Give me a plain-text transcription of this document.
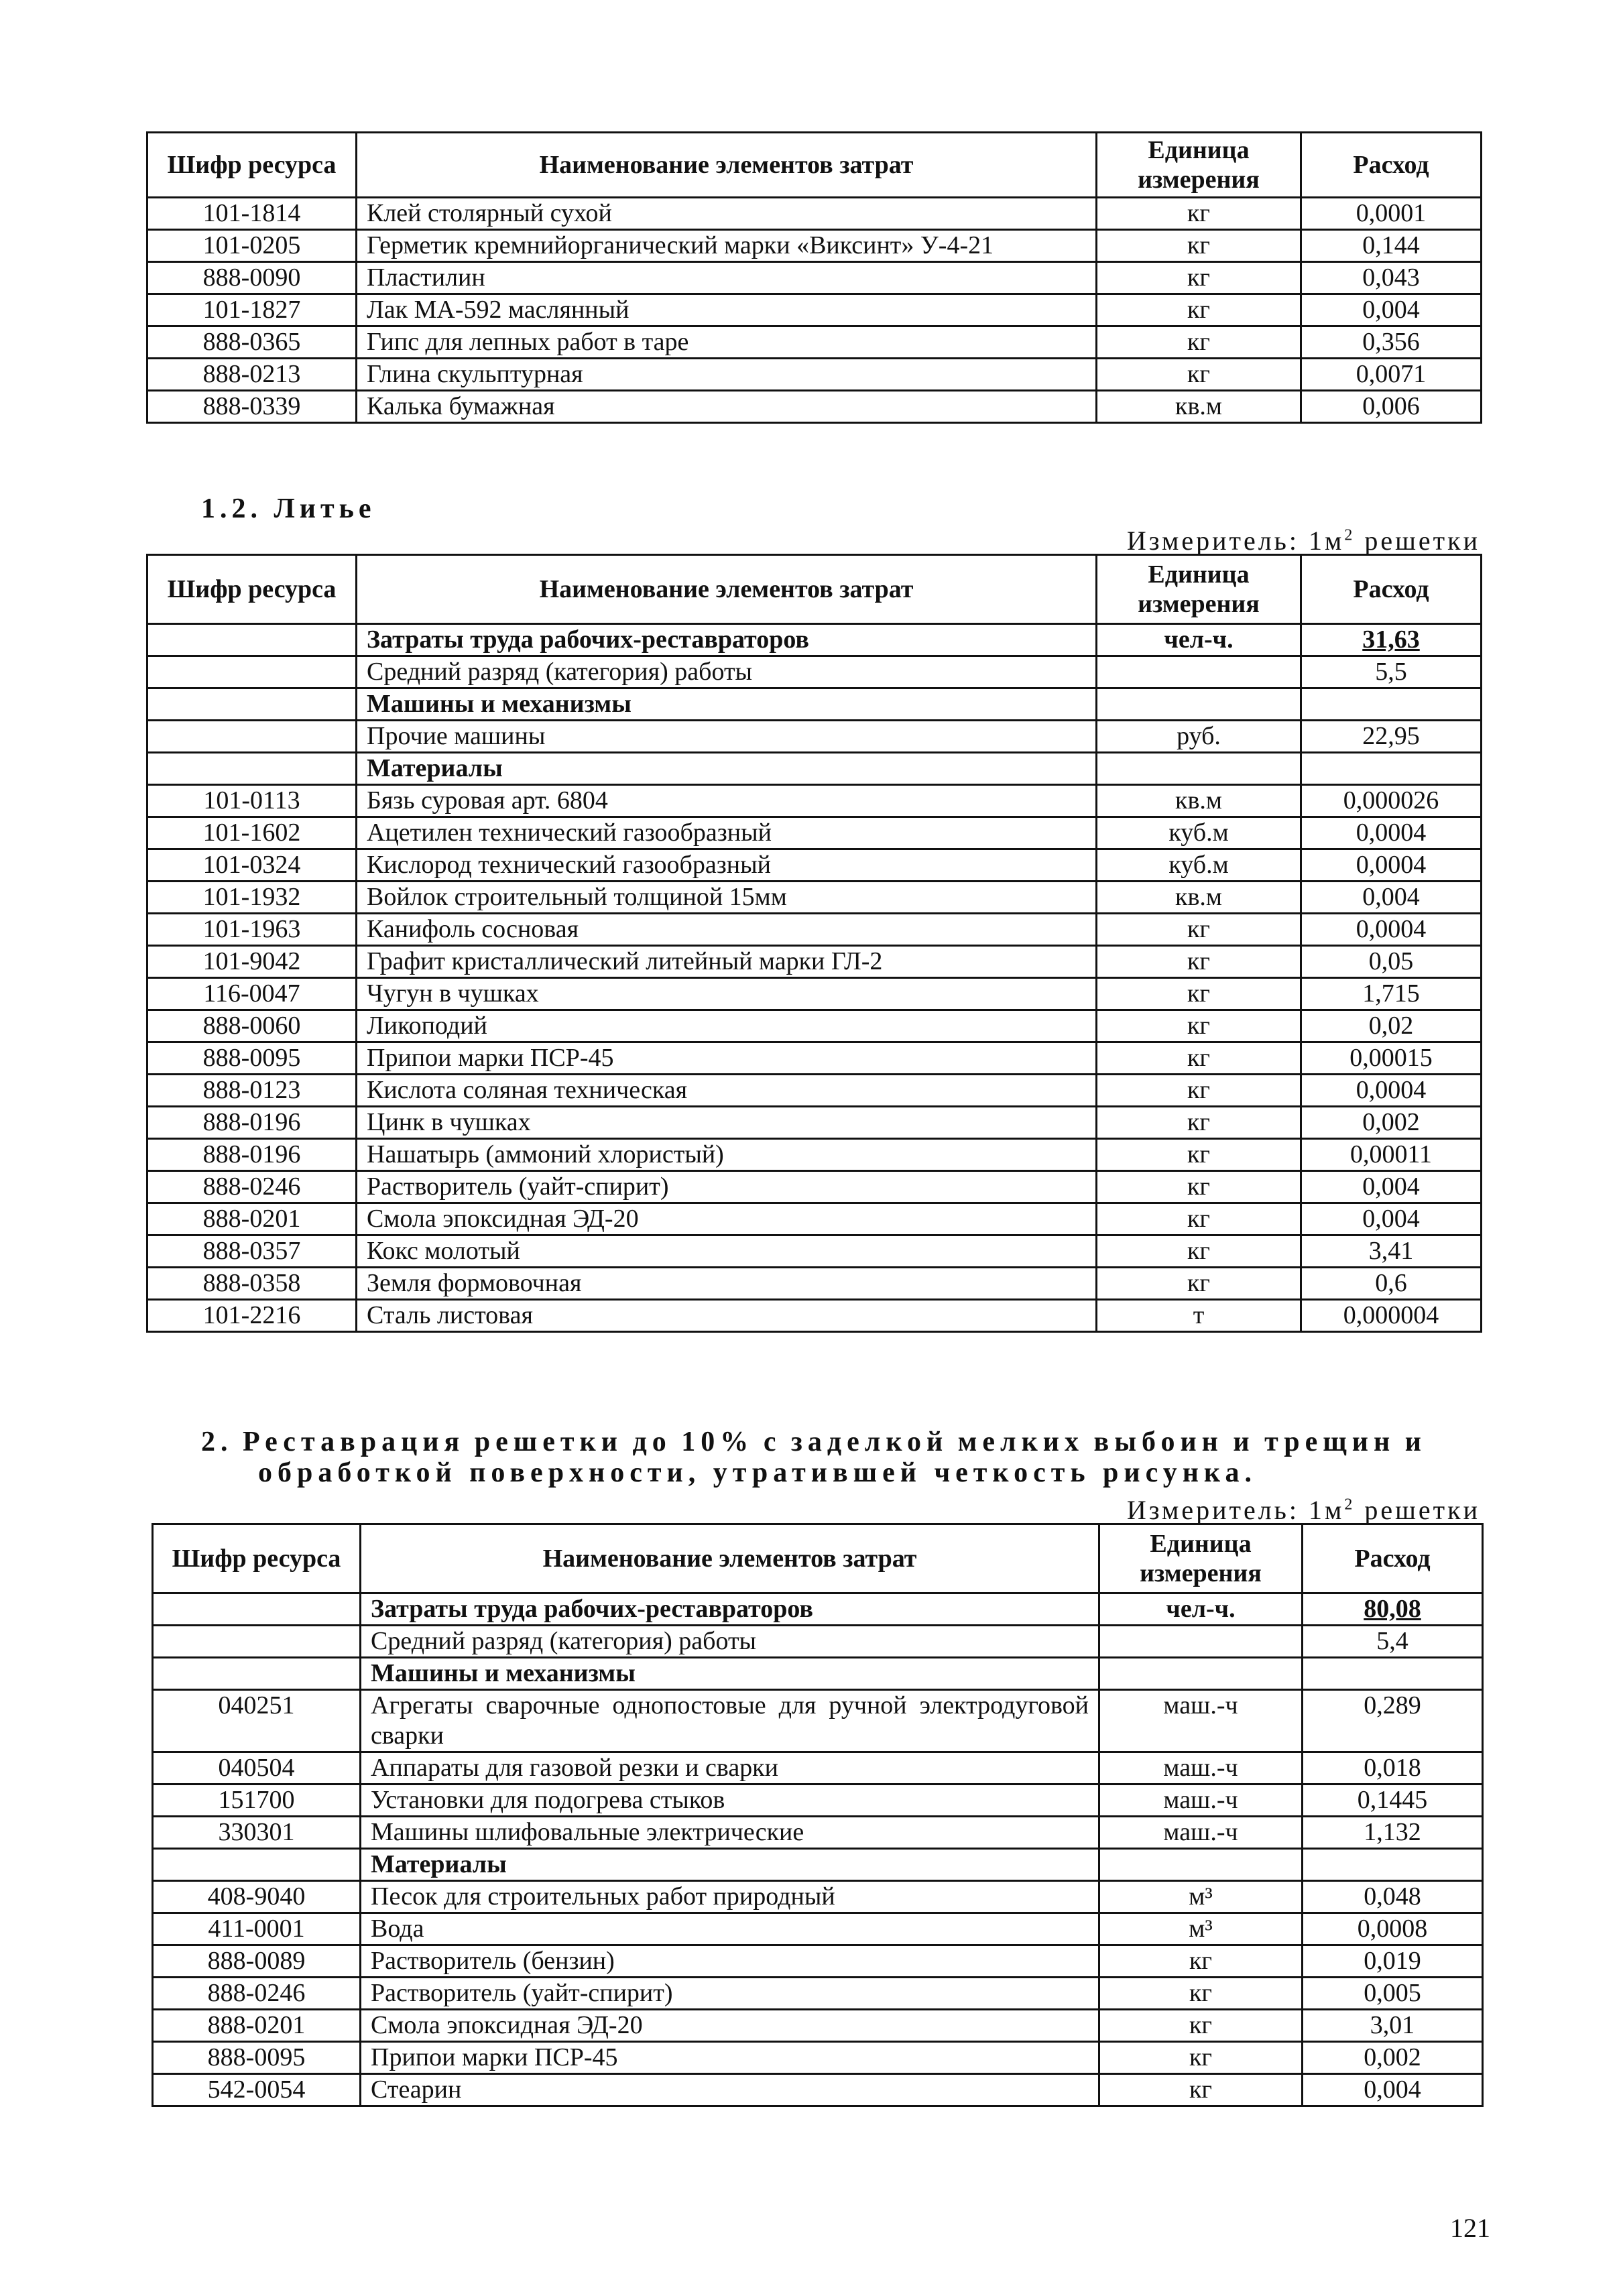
Шифр ресурса	Наименование элементов затрат	Единица измерения	Расход
101-1814	Клей столярный сухой	кг	0,0001
101-0205	Герметик кремнийорганический марки «Виксинт» У-4-21	кг	0,144
888-0090	Пластилин	кг	0,043
101-1827	Лак МА-592 маслянный	кг	0,004
888-0365	Гипс для лепных работ в таре	кг	0,356
888-0213	Глина скульптурная	кг	0,0071
888-0339	Калька бумажная	кв.м	0,006
1.2. Литье
Измеритель: $1м^2$ решетки
Шифр ресурса	Наименование элементов затрат	Единица измерения	Расход
	Затраты труда рабочих-реставраторов	чел-ч.	31,63
	Средний разряд (категория) работы		5,5
	Машины и механизмы		
	Прочие машины	руб.	22,95
	Материалы		
101-0113	Бязь суровая арт. 6804	кв.м	0,000026
101-1602	Ацетилен технический газообразный	куб.м	0,0004
101-0324	Кислород технический газообразный	куб.м	0,0004
101-1932	Войлок строительный толщиной 15мм	кв.м	0,004
101-1963	Канифоль сосновая	кг	0,0004
101-9042	Графит кристаллический литейный марки ГЛ-2	кг	0,05
116-0047	Чугун в чушках	кг	1,715
888-0060	Ликоподий	кг	0,02
888-0095	Припои марки ПСР-45	кг	0,00015
888-0123	Кислота соляная техническая	кг	0,0004
888-0196	Цинк в чушках	кг	0,002
888-0196	Нашатырь (аммоний хлористый)	кг	0,00011
888-0246	Растворитель (уайт-спирит)	кг	0,004
888-0201	Смола эпоксидная ЭД-20	кг	0,004
888-0357	Кокс молотый	кг	3,41
888-0358	Земля формовочная	кг	0,6
101-2216	Сталь листовая	т	0,000004
2. Реставрация решетки до 10% с заделкой мелких выбоин и трещин и
обработкой поверхности, утратившей четкость рисунка.
Измеритель: $1м^2$ решетки
Шифр ресурса	Наименование элементов затрат	Единица измерения	Расход
	Затраты труда рабочих-реставраторов	чел-ч.	80,08
	Средний разряд (категория) работы		5,4
	Машины и механизмы		
040251	Агрегаты сварочные однопостовые для ручной электродуговой сварки	маш.-ч	0,289
040504	Аппараты для газовой резки и сварки	маш.-ч	0,018
151700	Установки для подогрева стыков	маш.-ч	0,1445
330301	Машины шлифовальные электрические	маш.-ч	1,132
	Материалы		
408-9040	Песок для строительных работ природный	м³	0,048
411-0001	Вода	м³	0,0008
888-0089	Растворитель (бензин)	кг	0,019
888-0246	Растворитель (уайт-спирит)	кг	0,005
888-0201	Смола эпоксидная ЭД-20	кг	3,01
888-0095	Припои марки ПСР-45	кг	0,002
542-0054	Стеарин	кг	0,004
121
